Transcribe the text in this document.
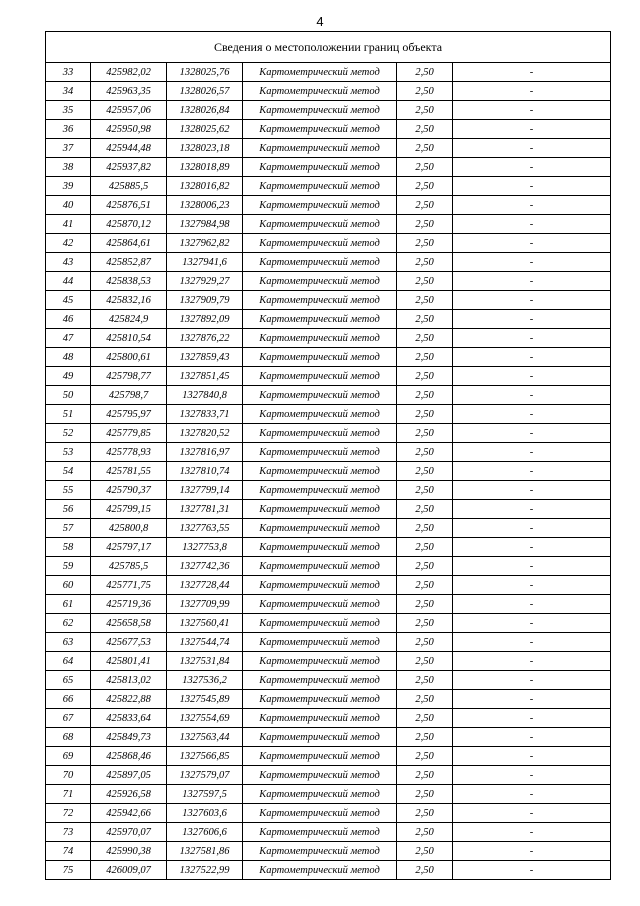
4
Сведения о местоположении границ объекта					
33	425982,02	1328025,76	Картометрический метод	2,50	-
34	425963,35	1328026,57	Картометрический метод	2,50	-
35	425957,06	1328026,84	Картометрический метод	2,50	-
36	425950,98	1328025,62	Картометрический метод	2,50	-
37	425944,48	1328023,18	Картометрический метод	2,50	-
38	425937,82	1328018,89	Картометрический метод	2,50	-
39	425885,5	1328016,82	Картометрический метод	2,50	-
40	425876,51	1328006,23	Картометрический метод	2,50	-
41	425870,12	1327984,98	Картометрический метод	2,50	-
42	425864,61	1327962,82	Картометрический метод	2,50	-
43	425852,87	1327941,6	Картометрический метод	2,50	-
44	425838,53	1327929,27	Картометрический метод	2,50	-
45	425832,16	1327909,79	Картометрический метод	2,50	-
46	425824,9	1327892,09	Картометрический метод	2,50	-
47	425810,54	1327876,22	Картометрический метод	2,50	-
48	425800,61	1327859,43	Картометрический метод	2,50	-
49	425798,77	1327851,45	Картометрический метод	2,50	-
50	425798,7	1327840,8	Картометрический метод	2,50	-
51	425795,97	1327833,71	Картометрический метод	2,50	-
52	425779,85	1327820,52	Картометрический метод	2,50	-
53	425778,93	1327816,97	Картометрический метод	2,50	-
54	425781,55	1327810,74	Картометрический метод	2,50	-
55	425790,37	1327799,14	Картометрический метод	2,50	-
56	425799,15	1327781,31	Картометрический метод	2,50	-
57	425800,8	1327763,55	Картометрический метод	2,50	-
58	425797,17	1327753,8	Картометрический метод	2,50	-
59	425785,5	1327742,36	Картометрический метод	2,50	-
60	425771,75	1327728,44	Картометрический метод	2,50	-
61	425719,36	1327709,99	Картометрический метод	2,50	-
62	425658,58	1327560,41	Картометрический метод	2,50	-
63	425677,53	1327544,74	Картометрический метод	2,50	-
64	425801,41	1327531,84	Картометрический метод	2,50	-
65	425813,02	1327536,2	Картометрический метод	2,50	-
66	425822,88	1327545,89	Картометрический метод	2,50	-
67	425833,64	1327554,69	Картометрический метод	2,50	-
68	425849,73	1327563,44	Картометрический метод	2,50	-
69	425868,46	1327566,85	Картометрический метод	2,50	-
70	425897,05	1327579,07	Картометрический метод	2,50	-
71	425926,58	1327597,5	Картометрический метод	2,50	-
72	425942,66	1327603,6	Картометрический метод	2,50	-
73	425970,07	1327606,6	Картометрический метод	2,50	-
74	425990,38	1327581,86	Картометрический метод	2,50	-
75	426009,07	1327522,99	Картометрический метод	2,50	-
